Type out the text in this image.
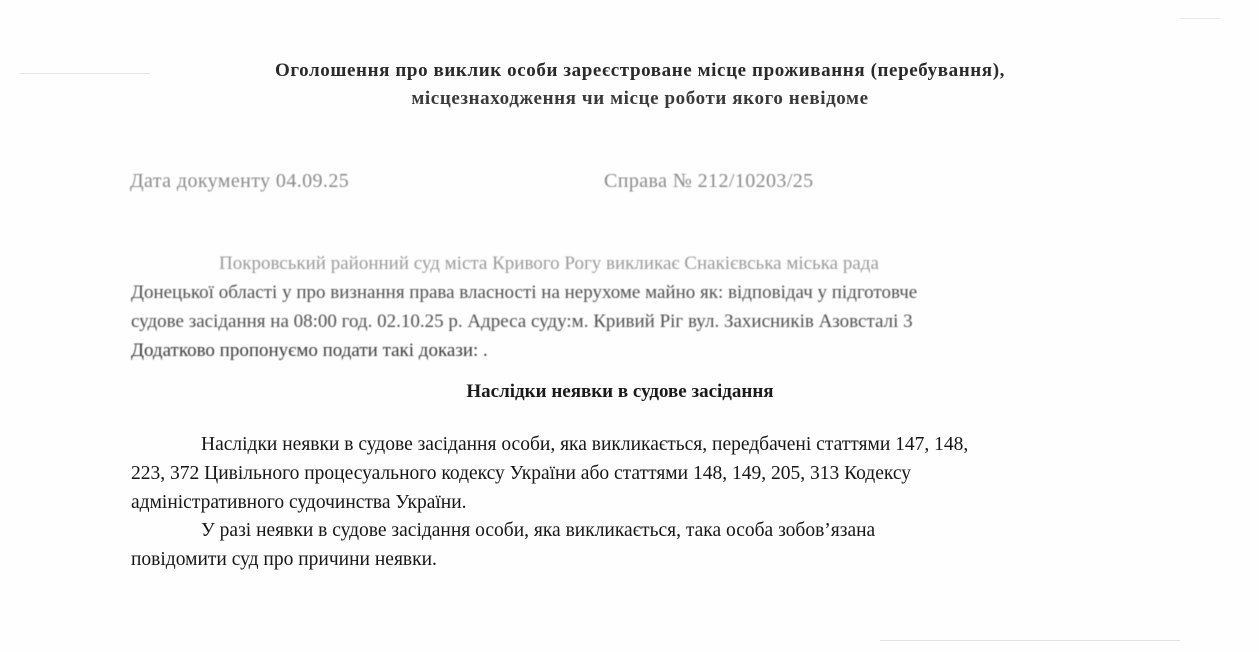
Оголошення про виклик особи зареєстроване місце проживання (перебування),
місцезнаходження чи місце роботи якого невідоме
Дата документу 04.09.25	Справа № 212/10203/25
Покровський районний суд міста Кривого Рогу викликає Снакієвська міська рада
Донецької області у про визнання права власності на нерухоме майно як: відповідач у підготовче
судове засідання на 08:00 год. 02.10.25 р. Адреса суду:м. Кривий Ріг вул. Захисників Азовсталі 3
Додатково пропонуємо подати такі докази: .
Наслідки неявки в судове засідання
Наслідки неявки в судове засідання особи, яка викликається, передбачені статтями 147, 148,
223, 372 Цивільного процесуального кодексу України або статтями 148, 149, 205, 313 Кодексу
адміністративного судочинства України.
У разі неявки в судове засідання особи, яка викликається, така особа зобов’язана
повідомити суд про причини неявки.
